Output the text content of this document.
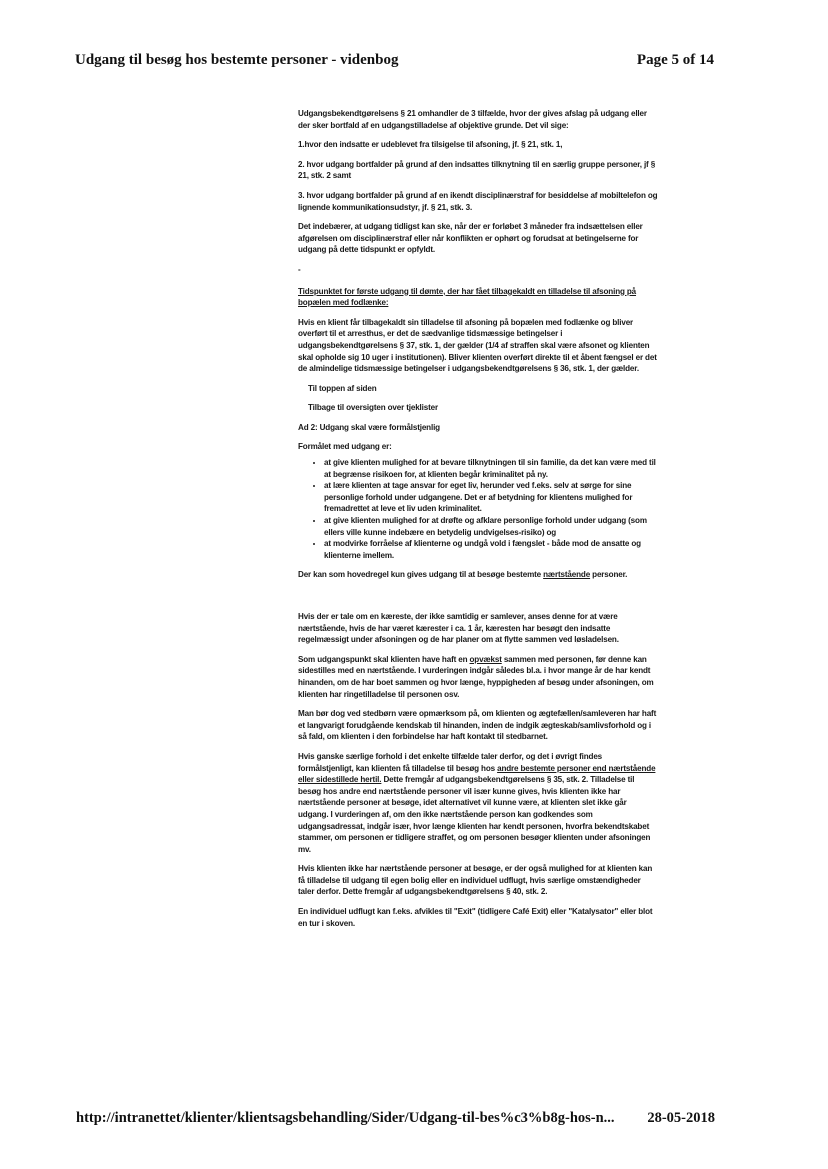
Udgang til besøg hos bestemte personer - videnbog	Page 5 of 14

Udgangsbekendtgørelsens § 21 omhandler de 3 tilfælde, hvor der gives afslag på udgang eller der sker bortfald af en udgangstilladelse af objektive grunde. Det vil sige:

1.hvor den indsatte er udeblevet fra tilsigelse til afsoning, jf. § 21, stk. 1,

2. hvor udgang bortfalder på grund af den indsattes tilknytning til en særlig gruppe personer, jf § 21, stk. 2 samt

3. hvor udgang bortfalder på grund af en ikendt disciplinærstraf for besiddelse af mobiltelefon og lignende kommunikationsudstyr, jf. § 21, stk. 3.

Det indebærer, at udgang tidligst kan ske, når der er forløbet 3 måneder fra indsættelsen eller afgørelsen om disciplinærstraf eller når konflikten er ophørt og forudsat at betingelserne for udgang på dette tidspunkt er opfyldt.

-

Tidspunktet for første udgang til dømte, der har fået tilbagekaldt en tilladelse til afsoning på bopælen med fodlænke:

Hvis en klient får tilbagekaldt sin tilladelse til afsoning på bopælen med fodlænke og bliver overført til et arresthus, er det de sædvanlige tidsmæssige betingelser i udgangsbekendtgørelsens § 37, stk. 1, der gælder (1/4 af straffen skal være afsonet og klienten skal opholde sig 10 uger i institutionen). Bliver klienten overført direkte til et åbent fængsel er det de almindelige tidsmæssige betingelser i udgangsbekendtgørelsens § 36, stk. 1, der gælder.

Til toppen af siden

Tilbage til oversigten over tjeklister

Ad 2: Udgang skal være formålstjenlig

Formålet med udgang er:

• at give klienten mulighed for at bevare tilknytningen til sin familie, da det kan være med til at begrænse risikoen for, at klienten begår kriminalitet på ny.
• at lære klienten at tage ansvar for eget liv, herunder ved f.eks. selv at sørge for sine personlige forhold under udgangene. Det er af betydning for klientens mulighed for fremadrettet at leve et liv uden kriminalitet.
• at give klienten mulighed for at drøfte og afklare personlige forhold under udgang (som ellers ville kunne indebære en betydelig undvigelses-risiko) og
• at modvirke forråelse af klienterne og undgå vold i fængslet - både mod de ansatte og klienterne imellem.

Der kan som hovedregel kun gives udgang til at besøge bestemte nærtstående personer.

Hvis der er tale om en kæreste, der ikke samtidig er samlever, anses denne for at være nærtstående, hvis de har været kærester i ca. 1 år, kæresten har besøgt den indsatte regelmæssigt under afsoningen og de har planer om at flytte sammen ved løsladelsen.

Som udgangspunkt skal klienten have haft en opvækst sammen med personen, før denne kan sidestilles med en nærtstående. I vurderingen indgår således bl.a. i hvor mange år de har kendt hinanden, om de har boet sammen og hvor længe, hyppigheden af besøg under afsoningen, om klienten har ringetilladelse til personen osv.

Man bør dog ved stedbørn være opmærksom på, om klienten og ægtefællen/samleveren har haft et langvarigt forudgående kendskab til hinanden, inden de indgik ægteskab/samlivsforhold og i så fald, om klienten i den forbindelse har haft kontakt til stedbarnet.

Hvis ganske særlige forhold i det enkelte tilfælde taler derfor, og det i øvrigt findes formålstjenligt, kan klienten få tilladelse til besøg hos andre bestemte personer end nærtstående eller sidestillede hertil. Dette fremgår af udgangsbekendtgørelsens § 35, stk. 2. Tilladelse til besøg hos andre end nærtstående personer vil især kunne gives, hvis klienten ikke har nærtstående personer at besøge, idet alternativet vil kunne være, at klienten slet ikke går udgang. I vurderingen af, om den ikke nærtstående person kan godkendes som udgangsadressat, indgår især, hvor længe klienten har kendt personen, hvorfra bekendtskabet stammer, om personen er tidligere straffet, og om personen besøger klienten under afsoningen mv.

Hvis klienten ikke har nærtstående personer at besøge, er der også mulighed for at klienten kan få tilladelse til udgang til egen bolig eller en individuel udflugt, hvis særlige omstændigheder taler derfor. Dette fremgår af udgangsbekendtgørelsens § 40, stk. 2.

En individuel udflugt kan f.eks. afvikles til "Exit" (tidligere Café Exit) eller "Katalysator" eller blot en tur i skoven.

http://intranettet/klienter/klientsagsbehandling/Sider/Udgang-til-bes%c3%b8g-hos-n... 28-05-2018
